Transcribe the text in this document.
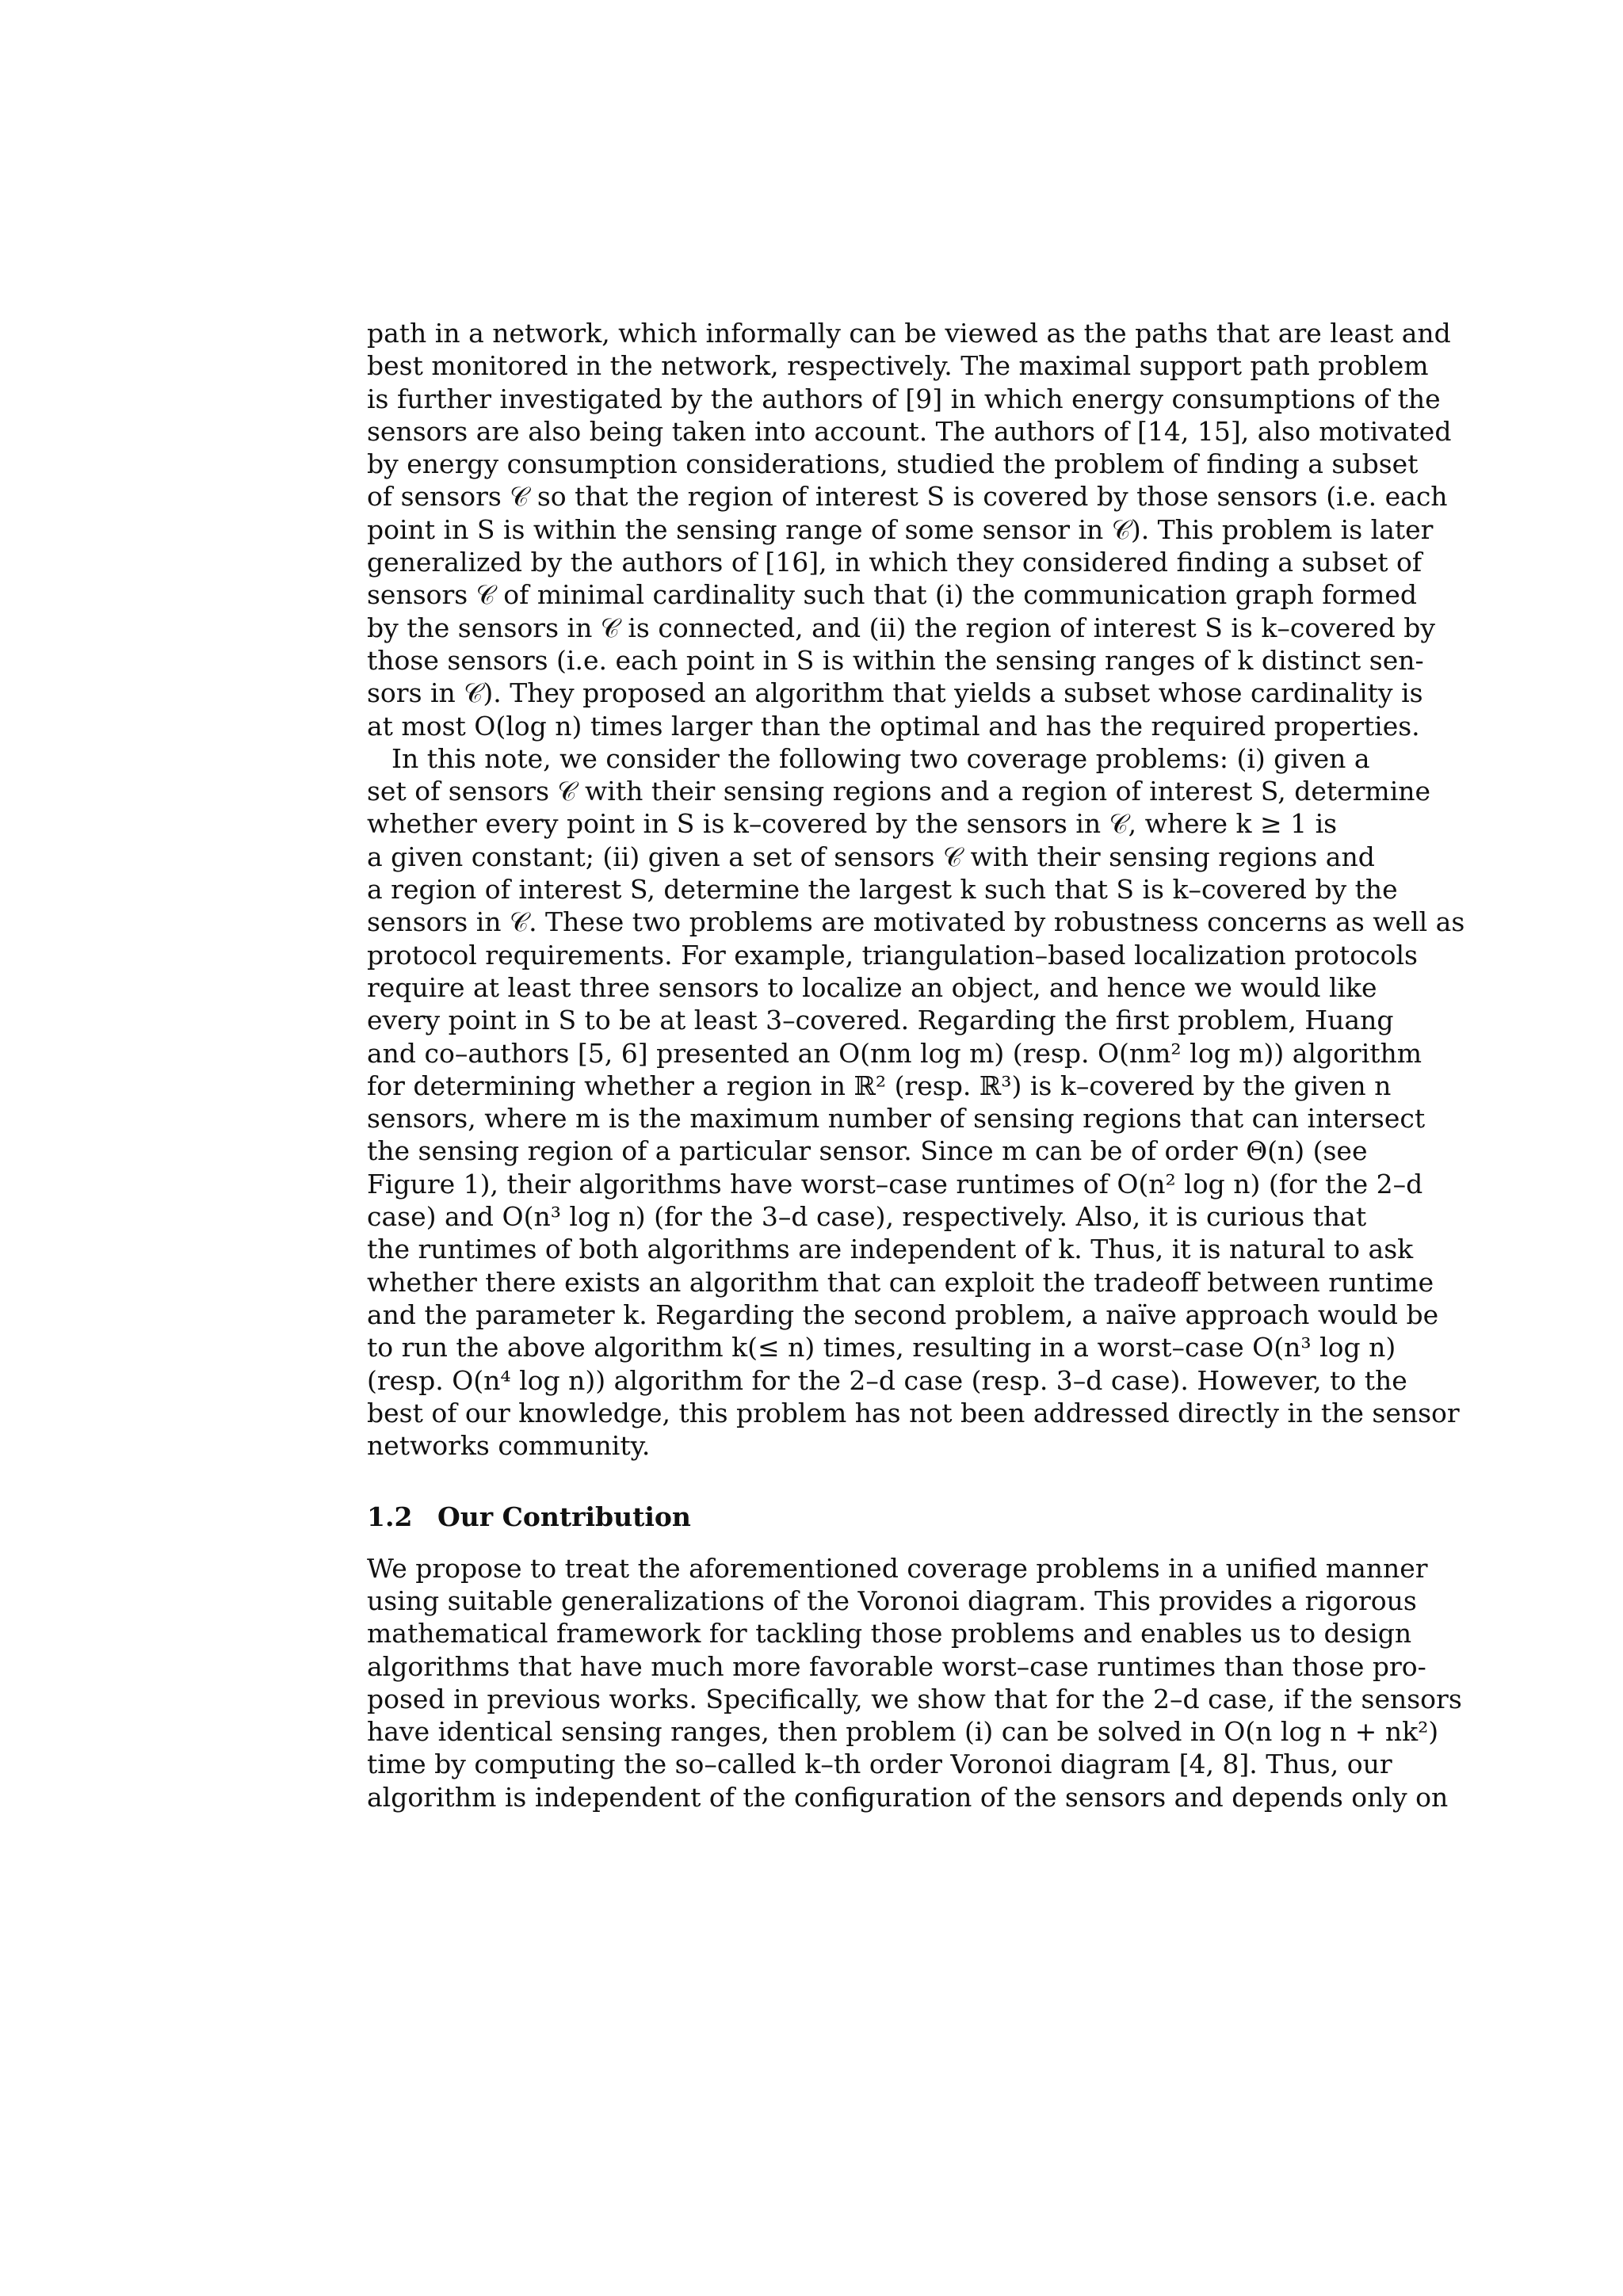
path in a network, which informally can be viewed as the paths that are least and
best monitored in the network, respectively. The maximal support path problem
is further investigated by the authors of [9] in which energy consumptions of the
sensors are also being taken into account. The authors of [14, 15], also motivated
by energy consumption considerations, studied the problem of finding a subset
of sensors 𝒞 so that the region of interest S is covered by those sensors (i.e. each
point in S is within the sensing range of some sensor in 𝒞). This problem is later
generalized by the authors of [16], in which they considered finding a subset of
sensors 𝒞 of minimal cardinality such that (i) the communication graph formed
by the sensors in 𝒞 is connected, and (ii) the region of interest S is k–covered by
those sensors (i.e. each point in S is within the sensing ranges of k distinct sen-
sors in 𝒞). They proposed an algorithm that yields a subset whose cardinality is
at most O(log n) times larger than the optimal and has the required properties.
In this note, we consider the following two coverage problems: (i) given a
set of sensors 𝒞 with their sensing regions and a region of interest S, determine
whether every point in S is k–covered by the sensors in 𝒞, where k ≥ 1 is
a given constant; (ii) given a set of sensors 𝒞 with their sensing regions and
a region of interest S, determine the largest k such that S is k–covered by the
sensors in 𝒞. These two problems are motivated by robustness concerns as well as
protocol requirements. For example, triangulation–based localization protocols
require at least three sensors to localize an object, and hence we would like
every point in S to be at least 3–covered. Regarding the first problem, Huang
and co–authors [5, 6] presented an O(nm log m) (resp. O(nm² log m)) algorithm
for determining whether a region in ℝ² (resp. ℝ³) is k–covered by the given n
sensors, where m is the maximum number of sensing regions that can intersect
the sensing region of a particular sensor. Since m can be of order Θ(n) (see
Figure 1), their algorithms have worst–case runtimes of O(n² log n) (for the 2–d
case) and O(n³ log n) (for the 3–d case), respectively. Also, it is curious that
the runtimes of both algorithms are independent of k. Thus, it is natural to ask
whether there exists an algorithm that can exploit the tradeoff between runtime
and the parameter k. Regarding the second problem, a naïve approach would be
to run the above algorithm k(≤ n) times, resulting in a worst–case O(n³ log n)
(resp. O(n⁴ log n)) algorithm for the 2–d case (resp. 3–d case). However, to the
best of our knowledge, this problem has not been addressed directly in the sensor
networks community.
1.2 Our Contribution
We propose to treat the aforementioned coverage problems in a unified manner
using suitable generalizations of the Voronoi diagram. This provides a rigorous
mathematical framework for tackling those problems and enables us to design
algorithms that have much more favorable worst–case runtimes than those pro-
posed in previous works. Specifically, we show that for the 2–d case, if the sensors
have identical sensing ranges, then problem (i) can be solved in O(n log n + nk²)
time by computing the so–called k–th order Voronoi diagram [4, 8]. Thus, our
algorithm is independent of the configuration of the sensors and depends only on
